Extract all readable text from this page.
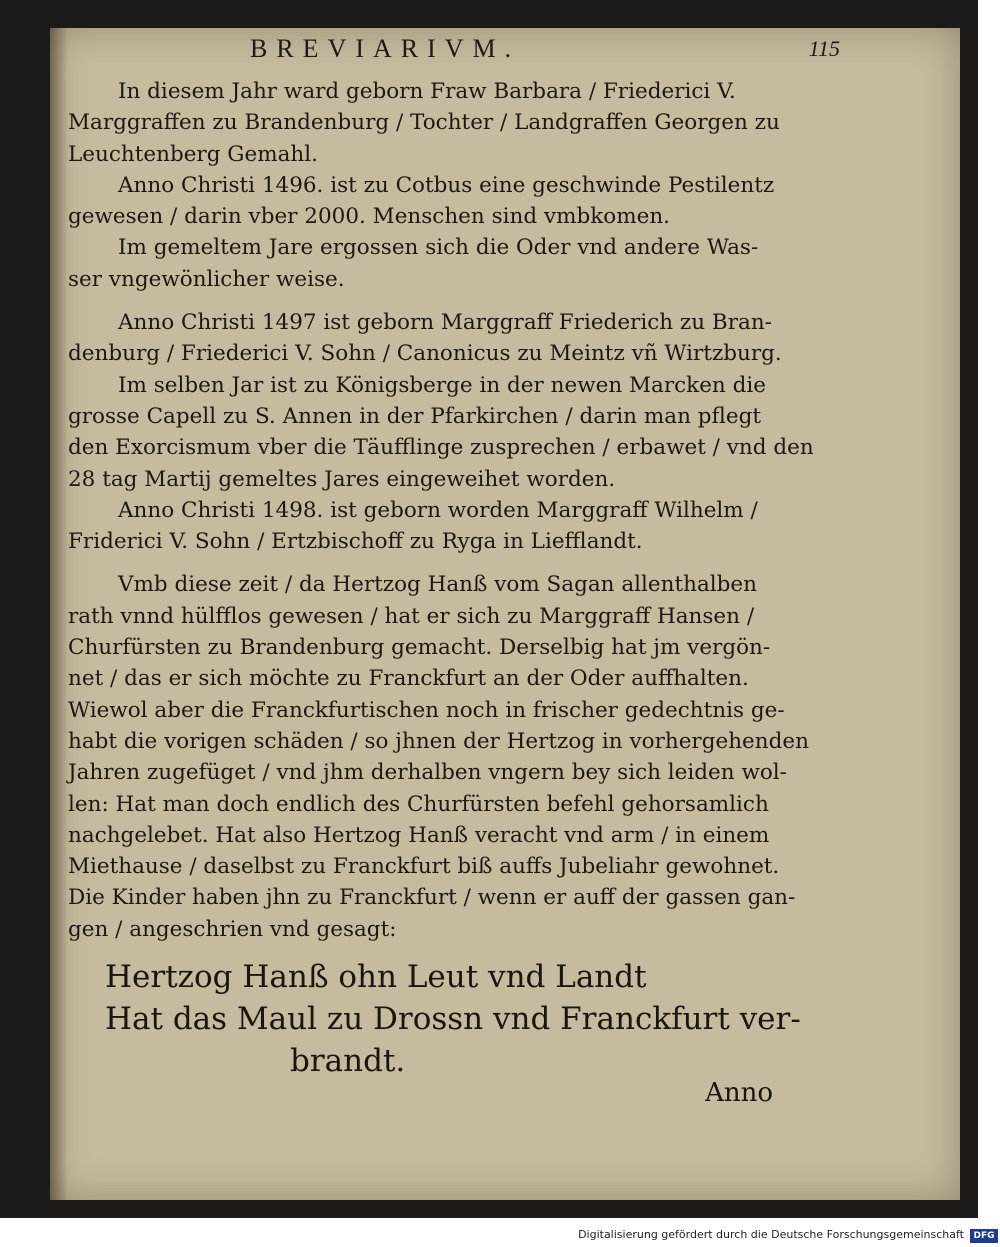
BREVIARIVM.	115
In diesem Jahr ward geborn Fraw Barbara / Friederici V.
Marggraffen zu Brandenburg / Tochter / Landgraffen Georgen zu
Leuchtenberg Gemahl.
Anno Christi 1496. ist zu Cotbus eine geschwinde Pestilentz
gewesen / darin vber 2000. Menschen sind vmbkomen.
Im gemeltem Jare ergossen sich die Oder vnd andere Was-
ser vngewönlicher weise.
Anno Christi 1497 ist geborn Marggraff Friederich zu Bran-
denburg / Friederici V. Sohn / Canonicus zu Meintz vñ Wirtzburg.
Im selben Jar ist zu Königsberge in der newen Marcken die
grosse Capell zu S. Annen in der Pfarkirchen / darin man pflegt
den Exorcismum vber die Täufflinge zusprechen / erbawet / vnd den
28 tag Martij gemeltes Jares eingeweihet worden.
Anno Christi 1498. ist geborn worden Marggraff Wilhelm /
Friderici V. Sohn / Ertzbischoff zu Ryga in Liefflandt.
Vmb diese zeit / da Hertzog Hanß vom Sagan allenthalben
rath vnnd hülfflos gewesen / hat er sich zu Marggraff Hansen /
Churfürsten zu Brandenburg gemacht. Derselbig hat jm vergön-
net / das er sich möchte zu Franckfurt an der Oder auffhalten.
Wiewol aber die Franckfurtischen noch in frischer gedechtnis ge-
habt die vorigen schäden / so jhnen der Hertzog in vorhergehenden
Jahren zugefüget / vnd jhm derhalben vngern bey sich leiden wol-
len: Hat man doch endlich des Churfürsten befehl gehorsamlich
nachgelebet. Hat also Hertzog Hanß veracht vnd arm / in einem
Miethause / daselbst zu Franckfurt biß auffs Jubeliahr gewohnet.
Die Kinder haben jhn zu Franckfurt / wenn er auff der gassen gan-
gen / angeschrien vnd gesagt:
Hertzog Hanß ohn Leut vnd Landt
Hat das Maul zu Drossn vnd Franckfurt ver-
brandt.
Anno
Digitalisierung gefördert durch die Deutsche Forschungsgemeinschaft	DFG
